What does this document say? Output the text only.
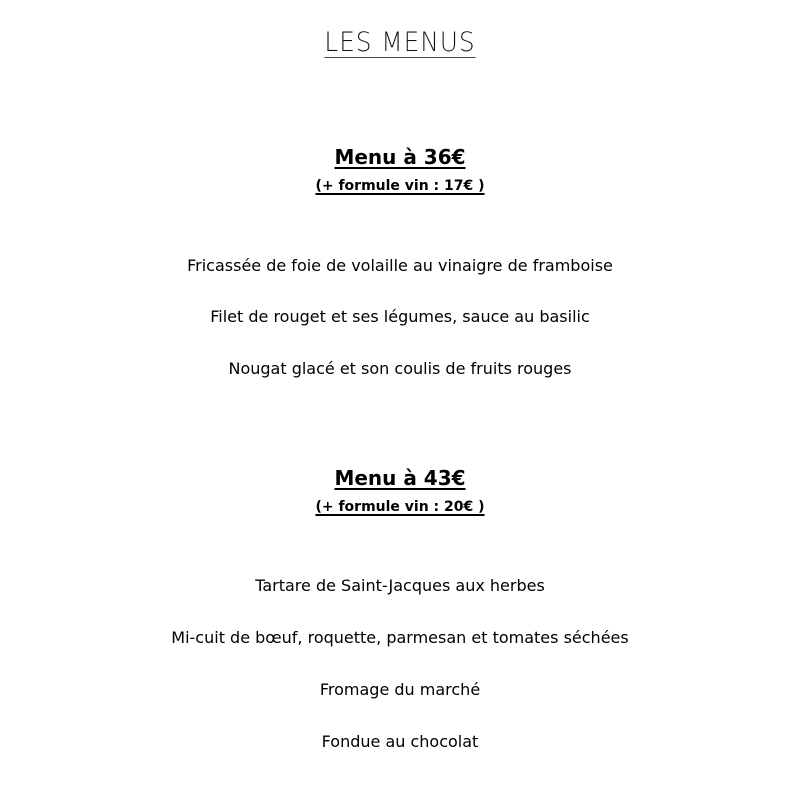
LES MENUS
Menu à 36€
(+ formule vin : 17€ )
Fricassée de foie de volaille au vinaigre de framboise
Filet de rouget et ses légumes, sauce au basilic
Nougat glacé et son coulis de fruits rouges
Menu à 43€
(+ formule vin : 20€ )
Tartare de Saint-Jacques aux herbes
Mi-cuit de bœuf, roquette, parmesan et tomates séchées
Fromage du marché
Fondue au chocolat
